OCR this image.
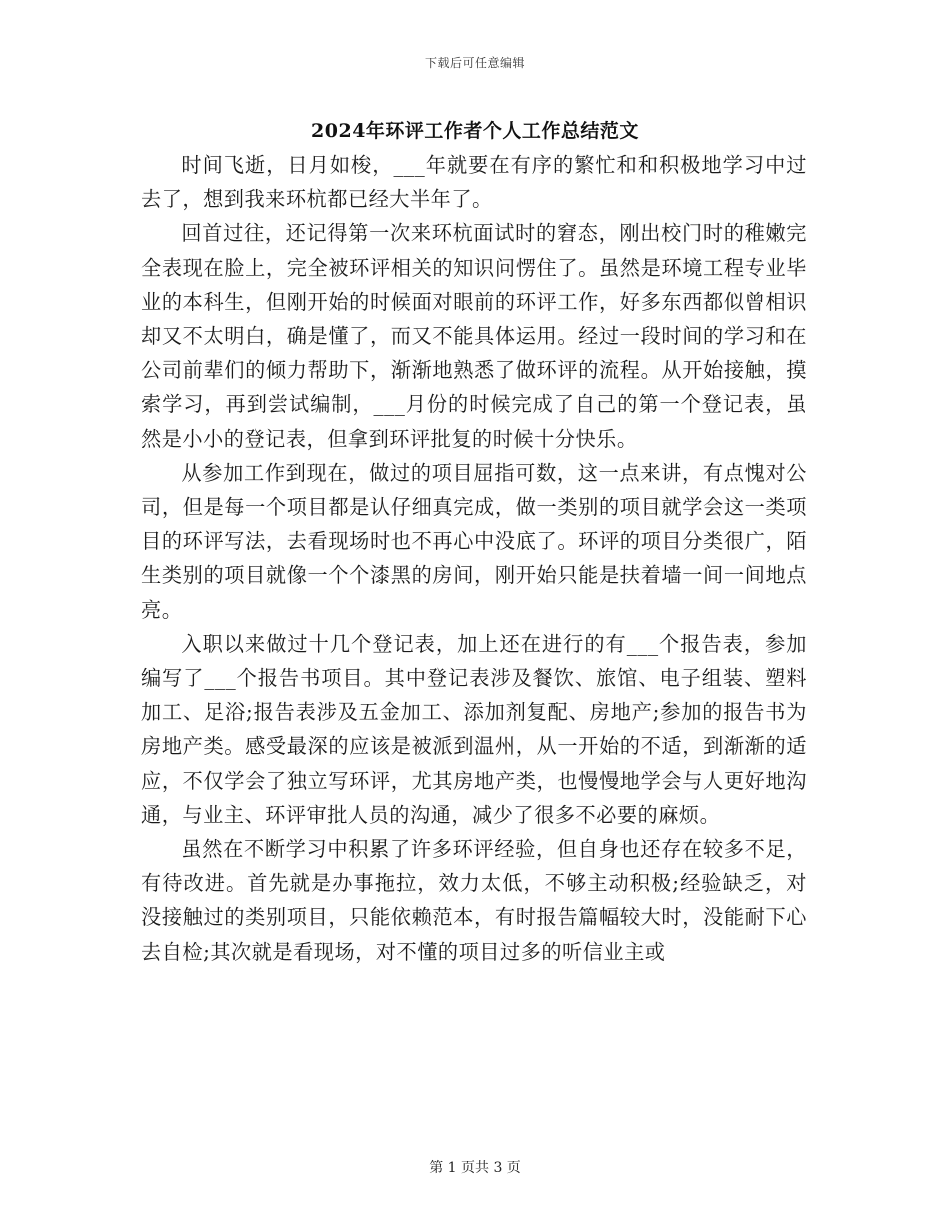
下载后可任意编辑
2024年环评工作者个人工作总结范文

时间飞逝，日月如梭，___年就要在有序的繁忙和和积极地学习中过去了，想到我来环杭都已经大半年了。

回首过往，还记得第一次来环杭面试时的窘态，刚出校门时的稚嫩完全表现在脸上，完全被环评相关的知识问愣住了。虽然是环境工程专业毕业的本科生，但刚开始的时候面对眼前的环评工作，好多东西都似曾相识却又不太明白，确是懂了，而又不能具体运用。经过一段时间的学习和在公司前辈们的倾力帮助下，渐渐地熟悉了做环评的流程。从开始接触，摸索学习，再到尝试编制，___月份的时候完成了自己的第一个登记表，虽然是小小的登记表，但拿到环评批复的时候十分快乐。

从参加工作到现在，做过的项目屈指可数，这一点来讲，有点愧对公司，但是每一个项目都是认仔细真完成，做一类别的项目就学会这一类项目的环评写法，去看现场时也不再心中没底了。环评的项目分类很广，陌生类别的项目就像一个个漆黑的房间，刚开始只能是扶着墙一间一间地点亮。

入职以来做过十几个登记表，加上还在进行的有___个报告表，参加编写了___个报告书项目。其中登记表涉及餐饮、旅馆、电子组装、塑料加工、足浴;报告表涉及五金加工、添加剂复配、房地产;参加的报告书为房地产类。感受最深的应该是被派到温州，从一开始的不适，到渐渐的适应，不仅学会了独立写环评，尤其房地产类，也慢慢地学会与人更好地沟通，与业主、环评审批人员的沟通，减少了很多不必要的麻烦。

虽然在不断学习中积累了许多环评经验，但自身也还存在较多不足，有待改进。首先就是办事拖拉，效力太低，不够主动积极;经验缺乏，对没接触过的类别项目，只能依赖范本，有时报告篇幅较大时，没能耐下心去自检;其次就是看现场，对不懂的项目过多的听信业主或

第 1 页共 3 页
